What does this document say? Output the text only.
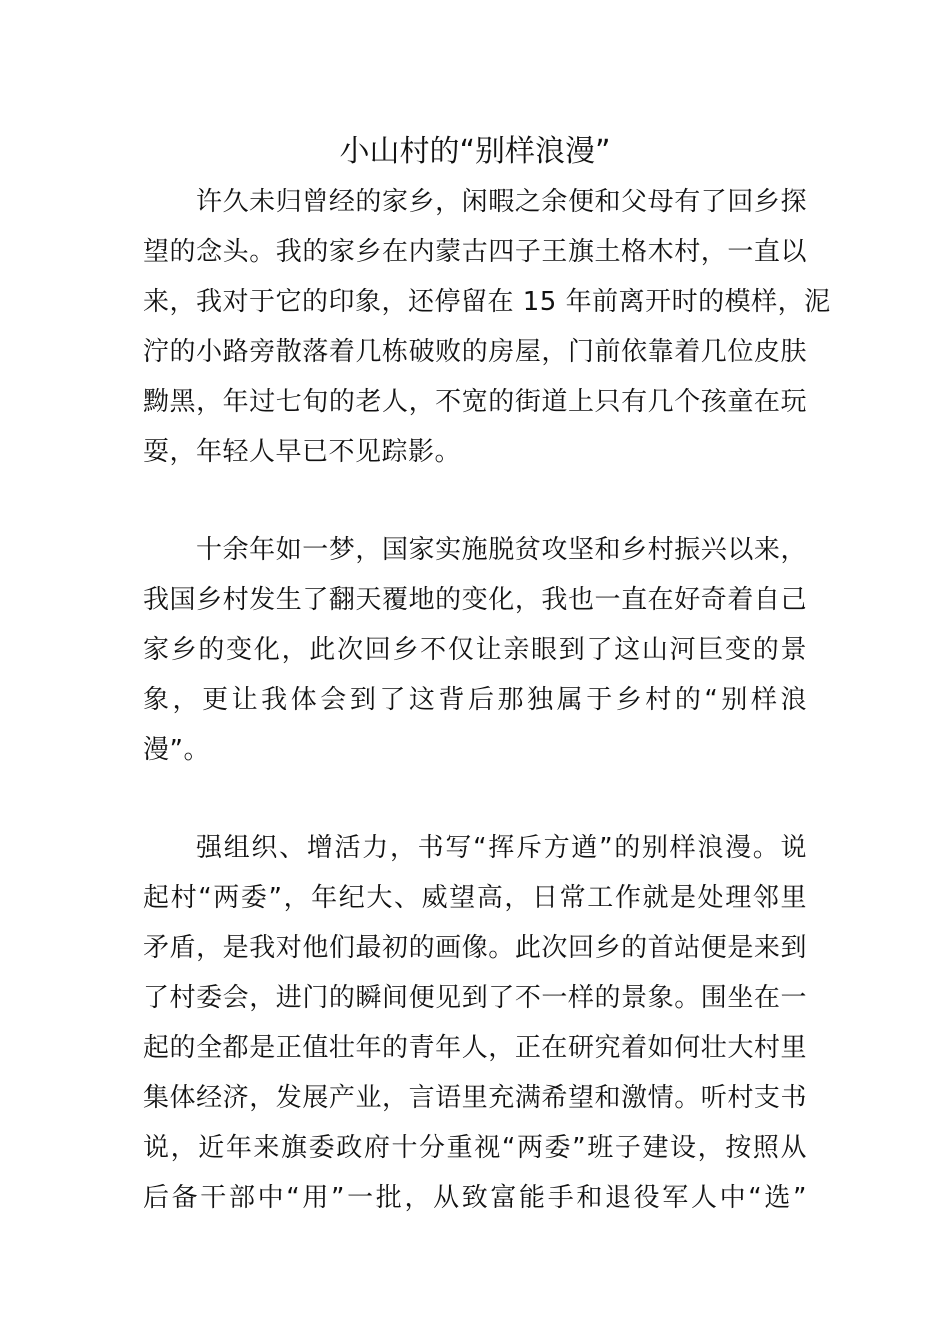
小山村的“别样浪漫”
许久未归曾经的家乡，闲暇之余便和父母有了回乡探
望的念头。我的家乡在内蒙古四子王旗土格木村，一直以
来，我对于它的印象，还停留在 15 年前离开时的模样，泥
泞的小路旁散落着几栋破败的房屋，门前依靠着几位皮肤
黝黑，年过七旬的老人，不宽的街道上只有几个孩童在玩
耍，年轻人早已不见踪影。
十余年如一梦，国家实施脱贫攻坚和乡村振兴以来，
我国乡村发生了翻天覆地的变化，我也一直在好奇着自己
家乡的变化，此次回乡不仅让亲眼到了这山河巨变的景
象，更让我体会到了这背后那独属于乡村的“别样浪
漫”。
强组织、增活力，书写“挥斥方遒”的别样浪漫。说
起村“两委”，年纪大、威望高，日常工作就是处理邻里
矛盾，是我对他们最初的画像。此次回乡的首站便是来到
了村委会，进门的瞬间便见到了不一样的景象。围坐在一
起的全都是正值壮年的青年人，正在研究着如何壮大村里
集体经济，发展产业，言语里充满希望和激情。听村支书
说，近年来旗委政府十分重视“两委”班子建设，按照从
后备干部中“用”一批，从致富能手和退役军人中“选”
